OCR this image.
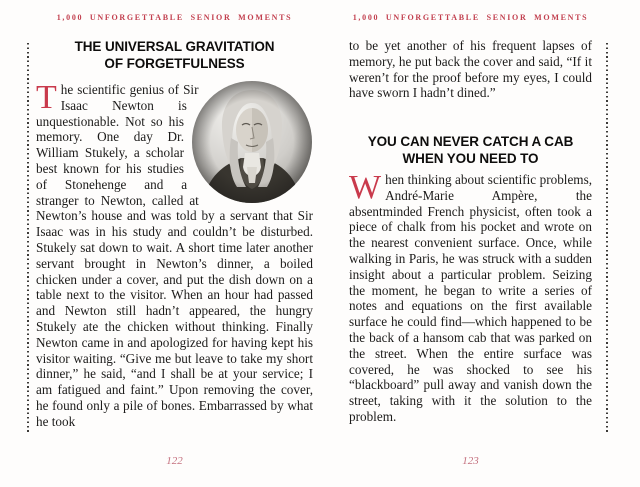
1,000 UNFORGETTABLE SENIOR MOMENTS
THE UNIVERSAL GRAVITATION
OF FORGETFULNESS
The scientific genius of Sir Isaac Newton is unquestionable. Not so his memory. One day Dr. William Stukely, a scholar best known for his studies of Stonehenge and a stranger to Newton, called at Newton’s house and was told by a servant that Sir Isaac was in his study and couldn’t be disturbed. Stukely sat down to wait. A short time later another servant brought in Newton’s dinner, a boiled chicken under a cover, and put the dish down on a table next to the visitor. When an hour had passed and Newton still hadn’t appeared, the hungry Stukely ate the chicken without thinking. Finally Newton came in and apologized for having kept his visitor waiting. “Give me but leave to take my short dinner,” he said, “and I shall be at your service; I am fatigued and faint.” Upon removing the cover, he found only a pile of bones. Embarrassed by what he took
122
1,000 UNFORGETTABLE SENIOR MOMENTS
to be yet another of his frequent lapses of memory, he put back the cover and said, “If it weren’t for the proof before my eyes, I could have sworn I hadn’t dined.”
YOU CAN NEVER CATCH A CAB
WHEN YOU NEED TO
When thinking about scientific problems, André-Marie Ampère, the absentminded French physicist, often took a piece of chalk from his pocket and wrote on the nearest convenient surface. Once, while walking in Paris, he was struck with a sudden insight about a particular problem. Seizing the moment, he began to write a series of notes and equations on the first available surface he could find—which happened to be the back of a hansom cab that was parked on the street. When the entire surface was covered, he was shocked to see his “blackboard” pull away and vanish down the street, taking with it the solution to the problem.
123
